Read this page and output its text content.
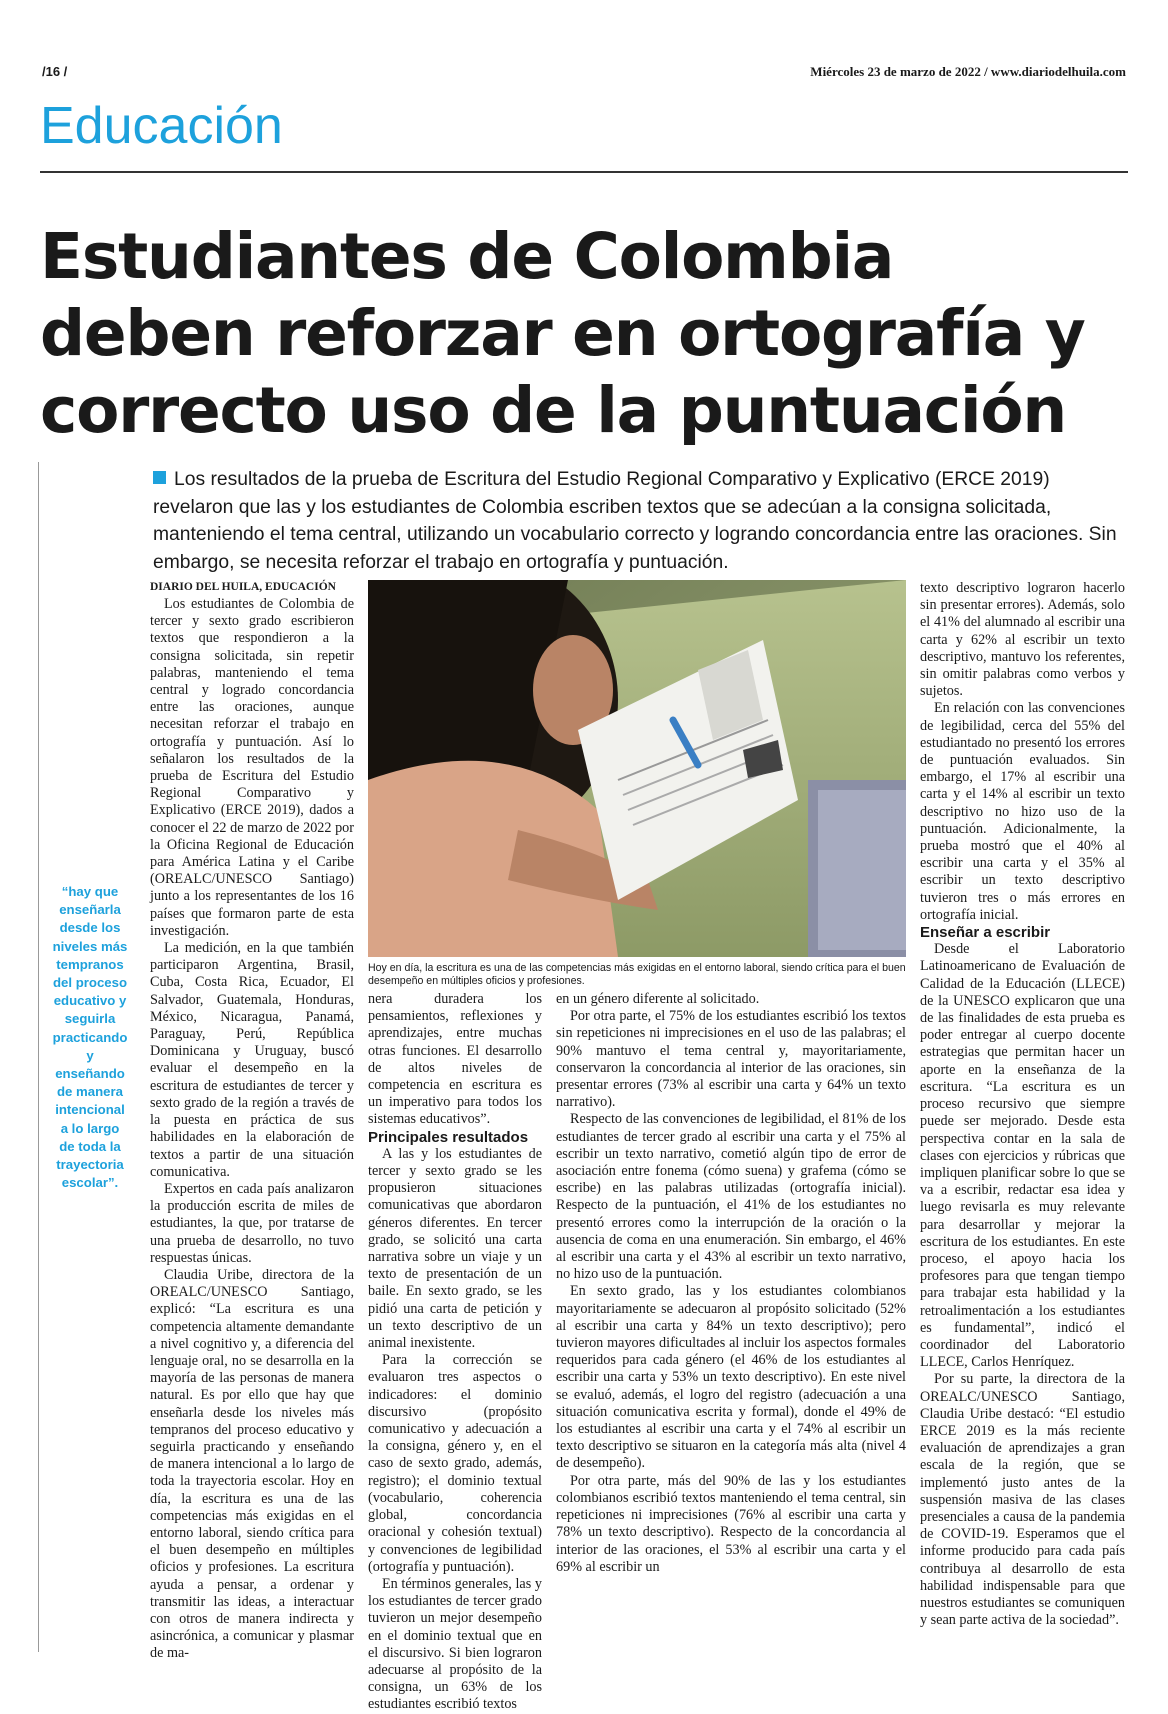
/16 /	Miércoles 23 de marzo de 2022 / www.diariodelhuila.com
Educación
Estudiantes de Colombia deben reforzar en ortografía y correcto uso de la puntuación
Los resultados de la prueba de Escritura del Estudio Regional Comparativo y Explicativo (ERCE 2019) revelaron que las y los estudiantes de Colombia escriben textos que se adecúan a la consigna solicitada, manteniendo el tema central, utilizando un vocabulario correcto y logrando concordancia entre las oraciones. Sin embargo, se necesita reforzar el trabajo en ortografía y puntuación.
“hay que enseñarla desde los niveles más tempranos del proceso educativo y seguirla practicando y enseñando de manera intencional a lo largo de toda la trayectoria escolar”.
DIARIO DEL HUILA, EDUCACIÓN

Los estudiantes de Colombia de tercer y sexto grado escribieron textos que respondieron a la consigna solicitada, sin repetir palabras, manteniendo el tema central y logrado concordancia entre las oraciones, aunque necesitan reforzar el trabajo en ortografía y puntuación. Así lo señalaron los resultados de la prueba de Escritura del Estudio Regional Comparativo y Explicativo (ERCE 2019), dados a conocer el 22 de marzo de 2022 por la Oficina Regional de Educación para América Latina y el Caribe (OREALC/UNESCO Santiago) junto a los representantes de los 16 países que formaron parte de esta investigación.

La medición, en la que también participaron Argentina, Brasil, Cuba, Costa Rica, Ecuador, El Salvador, Guatemala, Honduras, México, Nicaragua, Panamá, Paraguay, Perú, República Dominicana y Uruguay, buscó evaluar el desempeño en la escritura de estudiantes de tercer y sexto grado de la región a través de la puesta en práctica de sus habilidades en la elaboración de textos a partir de una situación comunicativa.

Expertos en cada país analizaron la producción escrita de miles de estudiantes, la que, por tratarse de una prueba de desarrollo, no tuvo respuestas únicas.

Claudia Uribe, directora de la OREALC/UNESCO Santiago, explicó: “La escritura es una competencia altamente demandante a nivel cognitivo y, a diferencia del lenguaje oral, no se desarrolla en la mayoría de las personas de manera natural. Es por ello que hay que enseñarla desde los niveles más tempranos del proceso educativo y seguirla practicando y enseñando de manera intencional a lo largo de toda la trayectoria escolar. Hoy en día, la escritura es una de las competencias más exigidas en el entorno laboral, siendo crítica para el buen desempeño en múltiples oficios y profesiones. La escritura ayuda a pensar, a ordenar y transmitir las ideas, a interactuar con otros de manera indirecta y asincrónica, a comunicar y plasmar de ma-

Hoy en día, la escritura es una de las competencias más exigidas en el entorno laboral, siendo crítica para el buen desempeño en múltiples oficios y profesiones.

nera duradera los pensamientos, reflexiones y aprendizajes, entre muchas otras funciones. El desarrollo de altos niveles de competencia en escritura es un imperativo para todos los sistemas educativos”.

Principales resultados

A las y los estudiantes de tercer y sexto grado se les propusieron situaciones comunicativas que abordaron géneros diferentes. En tercer grado, se solicitó una carta narrativa sobre un viaje y un texto de presentación de un baile. En sexto grado, se les pidió una carta de petición y un texto descriptivo de un animal inexistente.

Para la corrección se evaluaron tres aspectos o indicadores: el dominio discursivo (propósito comunicativo y adecuación a la consigna, género y, en el caso de sexto grado, además, registro); el dominio textual (vocabulario, coherencia global, concordancia oracional y cohesión textual) y convenciones de legibilidad (ortografía y puntuación).

En términos generales, las y los estudiantes de tercer grado tuvieron un mejor desempeño en el dominio textual que en el discursivo. Si bien lograron adecuarse al propósito de la consigna, un 63% de los estudiantes escribió textos

en un género diferente al solicitado.

Por otra parte, el 75% de los estudiantes escribió los textos sin repeticiones ni imprecisiones en el uso de las palabras; el 90% mantuvo el tema central y, mayoritariamente, conservaron la concordancia al interior de las oraciones, sin presentar errores (73% al escribir una carta y 64% un texto narrativo).

Respecto de las convenciones de legibilidad, el 81% de los estudiantes de tercer grado al escribir una carta y el 75% al escribir un texto narrativo, cometió algún tipo de error de asociación entre fonema (cómo suena) y grafema (cómo se escribe) en las palabras utilizadas (ortografía inicial). Respecto de la puntuación, el 41% de los estudiantes no presentó errores como la interrupción de la oración o la ausencia de coma en una enumeración. Sin embargo, el 46% al escribir una carta y el 43% al escribir un texto narrativo, no hizo uso de la puntuación.

En sexto grado, las y los estudiantes colombianos mayoritariamente se adecuaron al propósito solicitado (52% al escribir una carta y 84% un texto descriptivo); pero tuvieron mayores dificultades al incluir los aspectos formales requeridos para cada género (el 46% de los estudiantes al escribir una carta y 53% un texto descriptivo). En este nivel se evaluó, además, el logro del registro (adecuación a una situación comunicativa escrita y formal), donde el 49% de los estudiantes al escribir una carta y el 74% al escribir un texto descriptivo se situaron en la categoría más alta (nivel 4 de desempeño).

Por otra parte, más del 90% de las y los estudiantes colombianos escribió textos manteniendo el tema central, sin repeticiones ni imprecisiones (76% al escribir una carta y 78% un texto descriptivo). Respecto de la concordancia al interior de las oraciones, el 53% al escribir una carta y el 69% al escribir un

texto descriptivo lograron hacerlo sin presentar errores). Además, solo el 41% del alumnado al escribir una carta y 62% al escribir un texto descriptivo, mantuvo los referentes, sin omitir palabras como verbos y sujetos.

En relación con las convenciones de legibilidad, cerca del 55% del estudiantado no presentó los errores de puntuación evaluados. Sin embargo, el 17% al escribir una carta y el 14% al escribir un texto descriptivo no hizo uso de la puntuación. Adicionalmente, la prueba mostró que el 40% al escribir una carta y el 35% al escribir un texto descriptivo tuvieron tres o más errores en ortografía inicial.

Enseñar a escribir

Desde el Laboratorio Latinoamericano de Evaluación de Calidad de la Educación (LLECE) de la UNESCO explicaron que una de las finalidades de esta prueba es poder entregar al cuerpo docente estrategias que permitan hacer un aporte en la enseñanza de la escritura. “La escritura es un proceso recursivo que siempre puede ser mejorado. Desde esta perspectiva contar en la sala de clases con ejercicios y rúbricas que impliquen planificar sobre lo que se va a escribir, redactar esa idea y luego revisarla es muy relevante para desarrollar y mejorar la escritura de los estudiantes. En este proceso, el apoyo hacia los profesores para que tengan tiempo para trabajar esta habilidad y la retroalimentación a los estudiantes es fundamental”, indicó el coordinador del Laboratorio LLECE, Carlos Henríquez.

Por su parte, la directora de la OREALC/UNESCO Santiago, Claudia Uribe destacó: “El estudio ERCE 2019 es la más reciente evaluación de aprendizajes a gran escala de la región, que se implementó justo antes de la suspensión masiva de las clases presenciales a causa de la pandemia de COVID-19. Esperamos que el informe producido para cada país contribuya al desarrollo de esta habilidad indispensable para que nuestros estudiantes se comuniquen y sean parte activa de la sociedad”.
